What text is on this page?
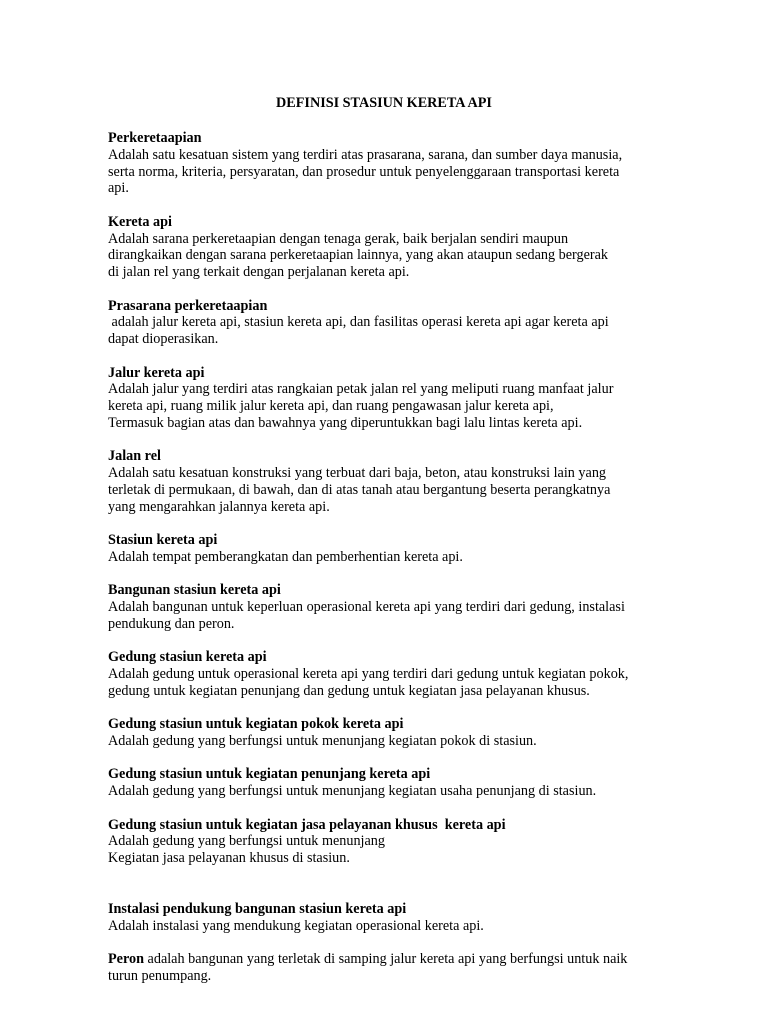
DEFINISI STASIUN KERETA API

Perkeretaapian

Adalah satu kesatuan sistem yang terdiri atas prasarana, sarana, dan sumber daya manusia,
serta norma, kriteria, persyaratan, dan prosedur untuk penyelenggaraan transportasi kereta
api.

Kereta api

Adalah sarana perkeretaapian dengan tenaga gerak, baik berjalan sendiri maupun
dirangkaikan dengan sarana perkeretaapian lainnya, yang akan ataupun sedang bergerak
di jalan rel yang terkait dengan perjalanan kereta api.

Prasarana perkeretaapian

adalah jalur kereta api, stasiun kereta api, dan fasilitas operasi kereta api agar kereta api
dapat dioperasikan.

Jalur kereta api

Adalah jalur yang terdiri atas rangkaian petak jalan rel yang meliputi ruang manfaat jalur
kereta api, ruang milik jalur kereta api, dan ruang pengawasan jalur kereta api,
Termasuk bagian atas dan bawahnya yang diperuntukkan bagi lalu lintas kereta api.

Jalan rel

Adalah satu kesatuan konstruksi yang terbuat dari baja, beton, atau konstruksi lain yang
terletak di permukaan, di bawah, dan di atas tanah atau bergantung beserta perangkatnya
yang mengarahkan jalannya kereta api.

Stasiun kereta api

Adalah tempat pemberangkatan dan pemberhentian kereta api.

Bangunan stasiun kereta api

Adalah bangunan untuk keperluan operasional kereta api yang terdiri dari gedung, instalasi
pendukung dan peron.

Gedung stasiun kereta api

Adalah gedung untuk operasional kereta api yang terdiri dari gedung untuk kegiatan pokok,
gedung untuk kegiatan penunjang dan gedung untuk kegiatan jasa pelayanan khusus.

Gedung stasiun untuk kegiatan pokok kereta api

Adalah gedung yang berfungsi untuk menunjang kegiatan pokok di stasiun.

Gedung stasiun untuk kegiatan penunjang kereta api

Adalah gedung yang berfungsi untuk menunjang kegiatan usaha penunjang di stasiun.

Gedung stasiun untuk kegiatan jasa pelayanan khusus  kereta api

Adalah gedung yang berfungsi untuk menunjang
Kegiatan jasa pelayanan khusus di stasiun.

Instalasi pendukung bangunan stasiun kereta api

Adalah instalasi yang mendukung kegiatan operasional kereta api.

Peron adalah bangunan yang terletak di samping jalur kereta api yang berfungsi untuk naik
turun penumpang.
